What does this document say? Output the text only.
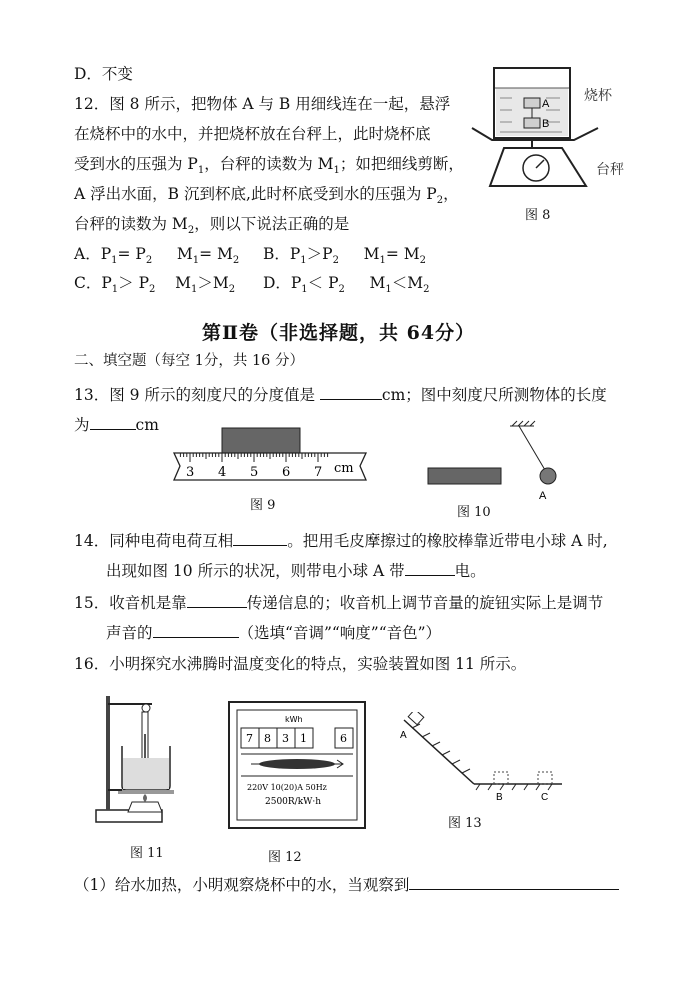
D．不变
12．图 8 所示，把物体 A 与 B 用细线连在一起，悬浮
在烧杯中的水中，并把烧杯放在台秤上，此时烧杯底
受到水的压强为 $P_1$，台秤的读数为 $M_1$；如把细线剪断，
A 浮出水面，B 沉到杯底,此时杯底受到水的压强为 $P_2$，
台秤的读数为 $M_2$，则以下说法正确的是
A．$P_1= P_2$ $M_1= M_2$ B．$P_1>P_2$ $M_1= M_2$
C．$P_1> P_2$ $M_1>M_2$ D．$P_1< P_2$ $M_1<M_2$
A
B
烧杯
台秤
图 8
第Ⅱ卷（非选择题，共 64分）
二、填空题（每空 1分，共 16 分）
13．图 9 所示的刻度尺的分度值是	cm；图中刻度尺所测物体的长度
为	cm
3 4 5 6 7 cm
图 9
A
图 10
14．同种电荷电荷互相	。把用毛皮摩擦过的橡胶棒靠近带电小球 A 时,
出现如图 10 所示的状况，则带电小球 A 带	电。
15．收音机是靠	传递信息的；收音机上调节音量的旋钮实际上是调节
声音的	（选填“音调”“响度”“音色”）
16．小明探究水沸腾时温度变化的特点，实验装置如图 11 所示。
图 11
kWh
7 8 3 1	6
220V 10(20)A 50Hz
2500R/kW·h
图 12
A
B	C
图 13
（1）给水加热，小明观察烧杯中的水，当观察到
